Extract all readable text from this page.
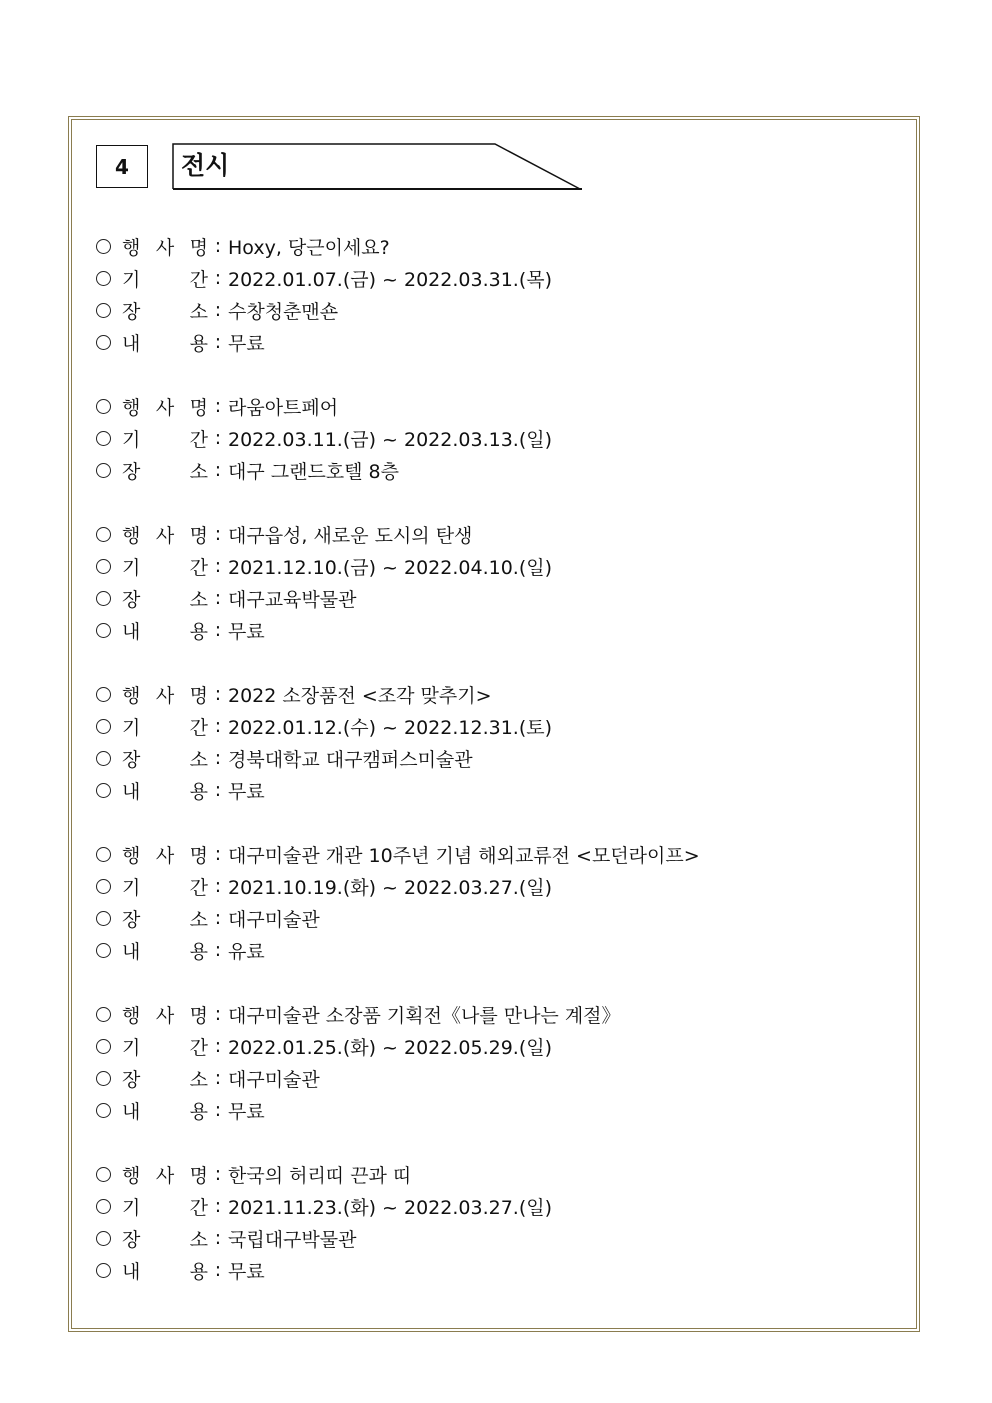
4	전시
행 사 명 : Hoxy, 당근이세요?
기	간 : 2022.01.07.(금) ~ 2022.03.31.(목)
장	소 : 수창청춘맨숀
내	용 : 무료
행 사 명 : 라움아트페어
기	간 : 2022.03.11.(금) ~ 2022.03.13.(일)
장	소 : 대구 그랜드호텔 8층
행 사 명 : 대구읍성, 새로운 도시의 탄생
기	간 : 2021.12.10.(금) ~ 2022.04.10.(일)
장	소 : 대구교육박물관
내	용 : 무료
행 사 명 : 2022 소장품전 <조각 맞추기>
기	간 : 2022.01.12.(수) ~ 2022.12.31.(토)
장	소 : 경북대학교 대구캠퍼스미술관
내	용 : 무료
행 사 명 : 대구미술관 개관 10주년 기념 해외교류전 <모던라이프>
기	간 : 2021.10.19.(화) ~ 2022.03.27.(일)
장	소 : 대구미술관
내	용 : 유료
행 사 명 : 대구미술관 소장품 기획전《나를 만나는 계절》
기	간 : 2022.01.25.(화) ~ 2022.05.29.(일)
장	소 : 대구미술관
내	용 : 무료
행 사 명 : 한국의 허리띠 끈과 띠
기	간 : 2021.11.23.(화) ~ 2022.03.27.(일)
장	소 : 국립대구박물관
내	용 : 무료
